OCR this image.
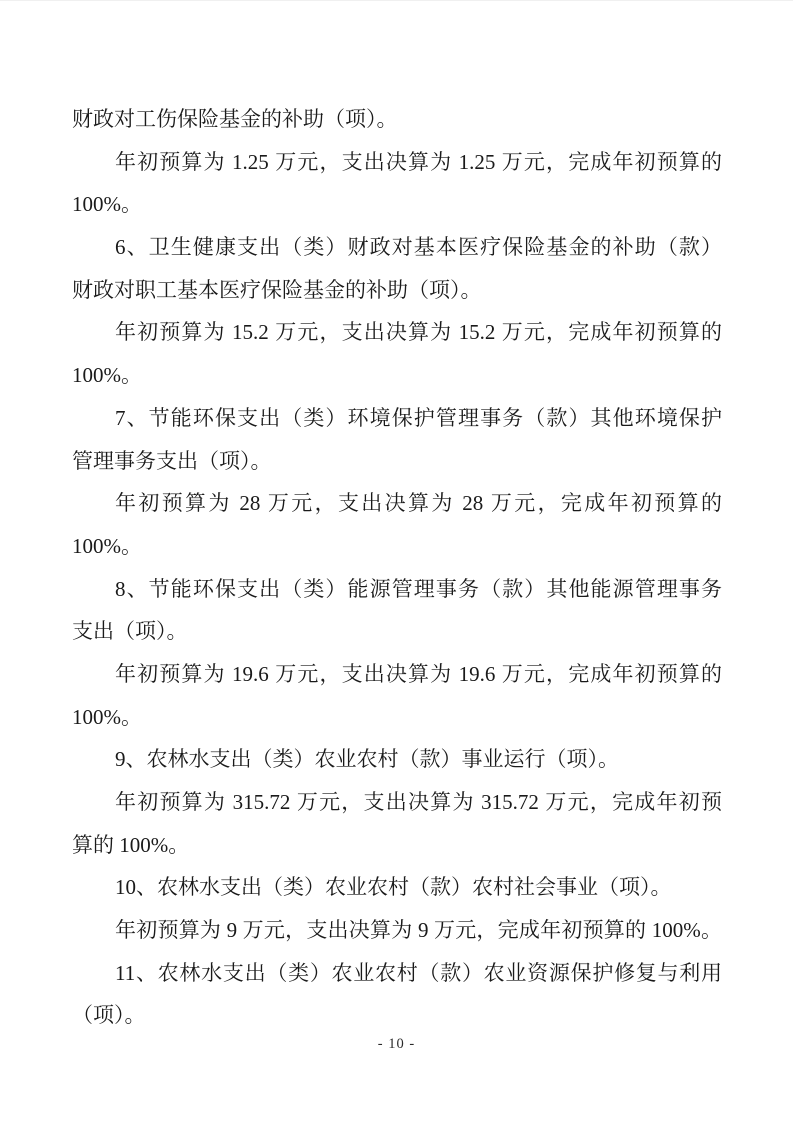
财政对工伤保险基金的补助（项）。
年初预算为 1.25 万元，支出决算为 1.25 万元，完成年初预算的
100%。
6、卫生健康支出（类）财政对基本医疗保险基金的补助（款）
财政对职工基本医疗保险基金的补助（项）。
年初预算为 15.2 万元，支出决算为 15.2 万元，完成年初预算的
100%。
7、节能环保支出（类）环境保护管理事务（款）其他环境保护
管理事务支出（项）。
年初预算为 28 万元，支出决算为 28 万元，完成年初预算的
100%。
8、节能环保支出（类）能源管理事务（款）其他能源管理事务
支出（项）。
年初预算为 19.6 万元，支出决算为 19.6 万元，完成年初预算的
100%。
9、农林水支出（类）农业农村（款）事业运行（项）。
年初预算为 315.72 万元，支出决算为 315.72 万元，完成年初预
算的 100%。
10、农林水支出（类）农业农村（款）农村社会事业（项）。
年初预算为 9 万元，支出决算为 9 万元，完成年初预算的 100%。
11、农林水支出（类）农业农村（款）农业资源保护修复与利用
（项）。
- 10 -
